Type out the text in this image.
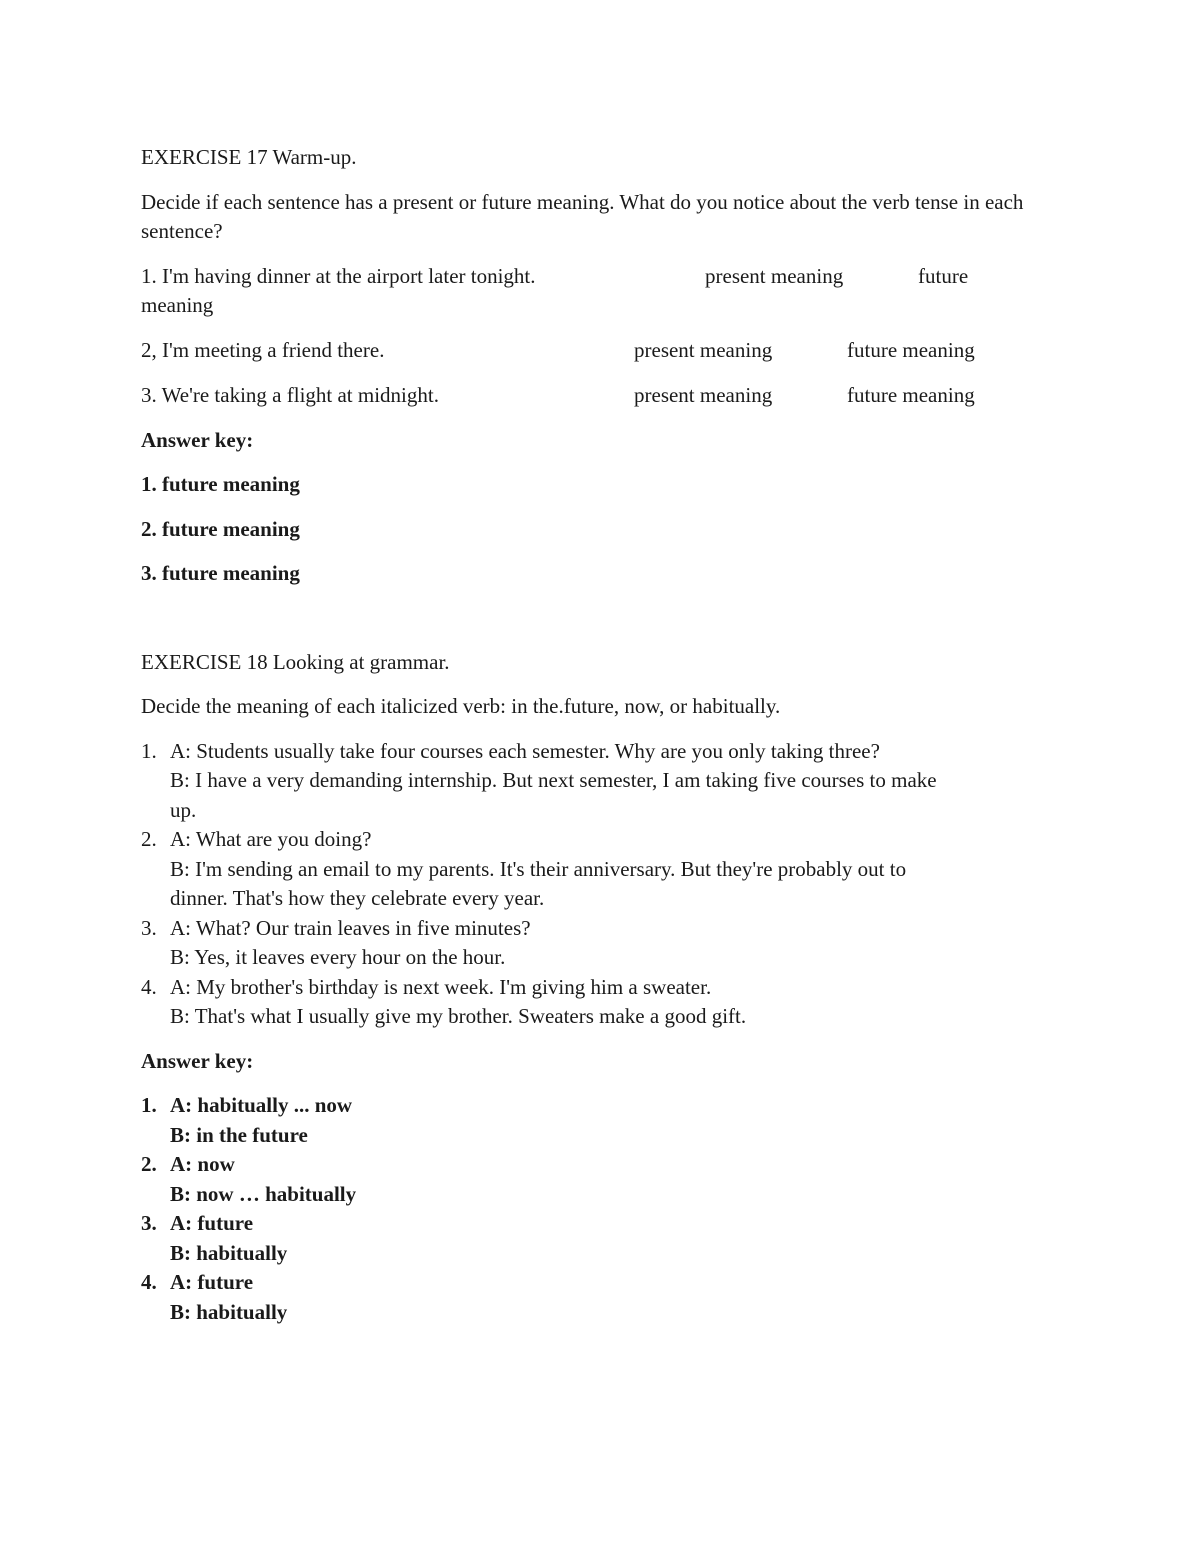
EXERCISE 17 Warm-up.

Decide if each sentence has a present or future meaning. What do you notice about the verb tense in each sentence?

1. I'm having dinner at the airport later tonight.	present meaning	future
meaning
2, I'm meeting a friend there.	present meaning	future meaning
3. We're taking a flight at midnight.	present meaning	future meaning

Answer key:

1. future meaning

2. future meaning

3. future meaning

EXERCISE 18 Looking at grammar.

Decide the meaning of each italicized verb: in the.future, now, or habitually.

1. A: Students usually take four courses each semester. Why are you only taking three?
B: I have a very demanding internship. But next semester, I am taking five courses to make
up.
2. A: What are you doing?
B: I'm sending an email to my parents. It's their anniversary. But they're probably out to
dinner. That's how they celebrate every year.
3. A: What? Our train leaves in five minutes?
B: Yes, it leaves every hour on the hour.
4. A: My brother's birthday is next week. I'm giving him a sweater.
B: That's what I usually give my brother. Sweaters make a good gift.

Answer key:

1. A: habitually ... now
B: in the future
2. A: now
B: now … habitually
3. A: future
B: habitually
4. A: future
B: habitually
